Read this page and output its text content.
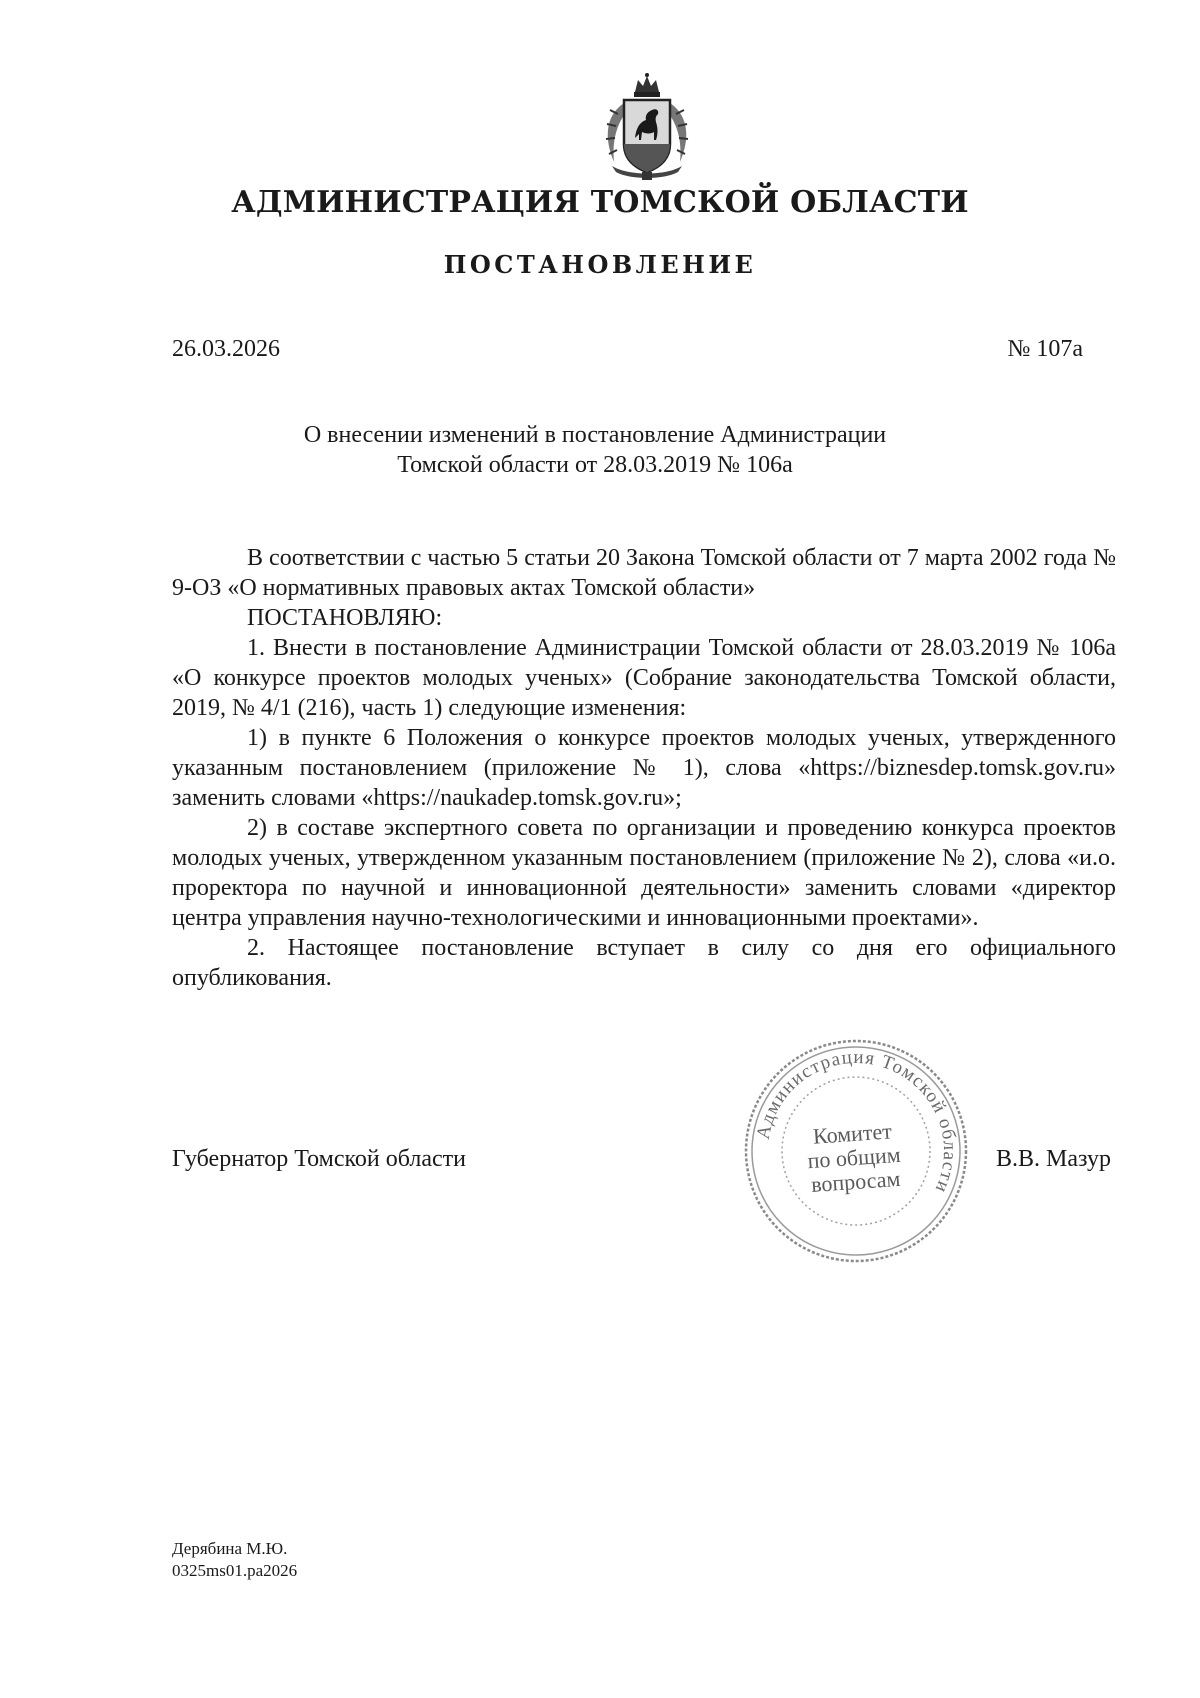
АДМИНИСТРАЦИЯ ТОМСКОЙ ОБЛАСТИ
ПОСТАНОВЛЕНИЕ
26.03.2026	№ 107а
О внесении изменений в постановление Администрации
Томской области от 28.03.2019 № 106а

В соответствии с частью 5 статьи 20 Закона Томской области от 7 марта 2002 года № 9-ОЗ «О нормативных правовых актах Томской области»

ПОСТАНОВЛЯЮ:

1. Внести в постановление Администрации Томской области от 28.03.2019 № 106а «О конкурсе проектов молодых ученых» (Собрание законодательства Томской области, 2019, № 4/1 (216), часть 1) следующие изменения:

1) в пункте 6 Положения о конкурсе проектов молодых ученых, утвержденного указанным постановлением (приложение № 1), слова «https://biznesdep.tomsk.gov.ru» заменить словами «https://naukadep.tomsk.gov.ru»;

2) в составе экспертного совета по организации и проведению конкурса проектов молодых ученых, утвержденном указанным постановлением (приложение № 2), слова «и.о. проректора по научной и инновационной деятельности» заменить словами «директор центра управления научно-технологическими и инновационными проектами».

2. Настоящее постановление вступает в силу со дня его официального опубликования.

Губернатор Томской области
Администрация Томской области
Комитет
по общим
вопросам
В.В. Мазур
Дерябина М.Ю.
0325ms01.pa2026
